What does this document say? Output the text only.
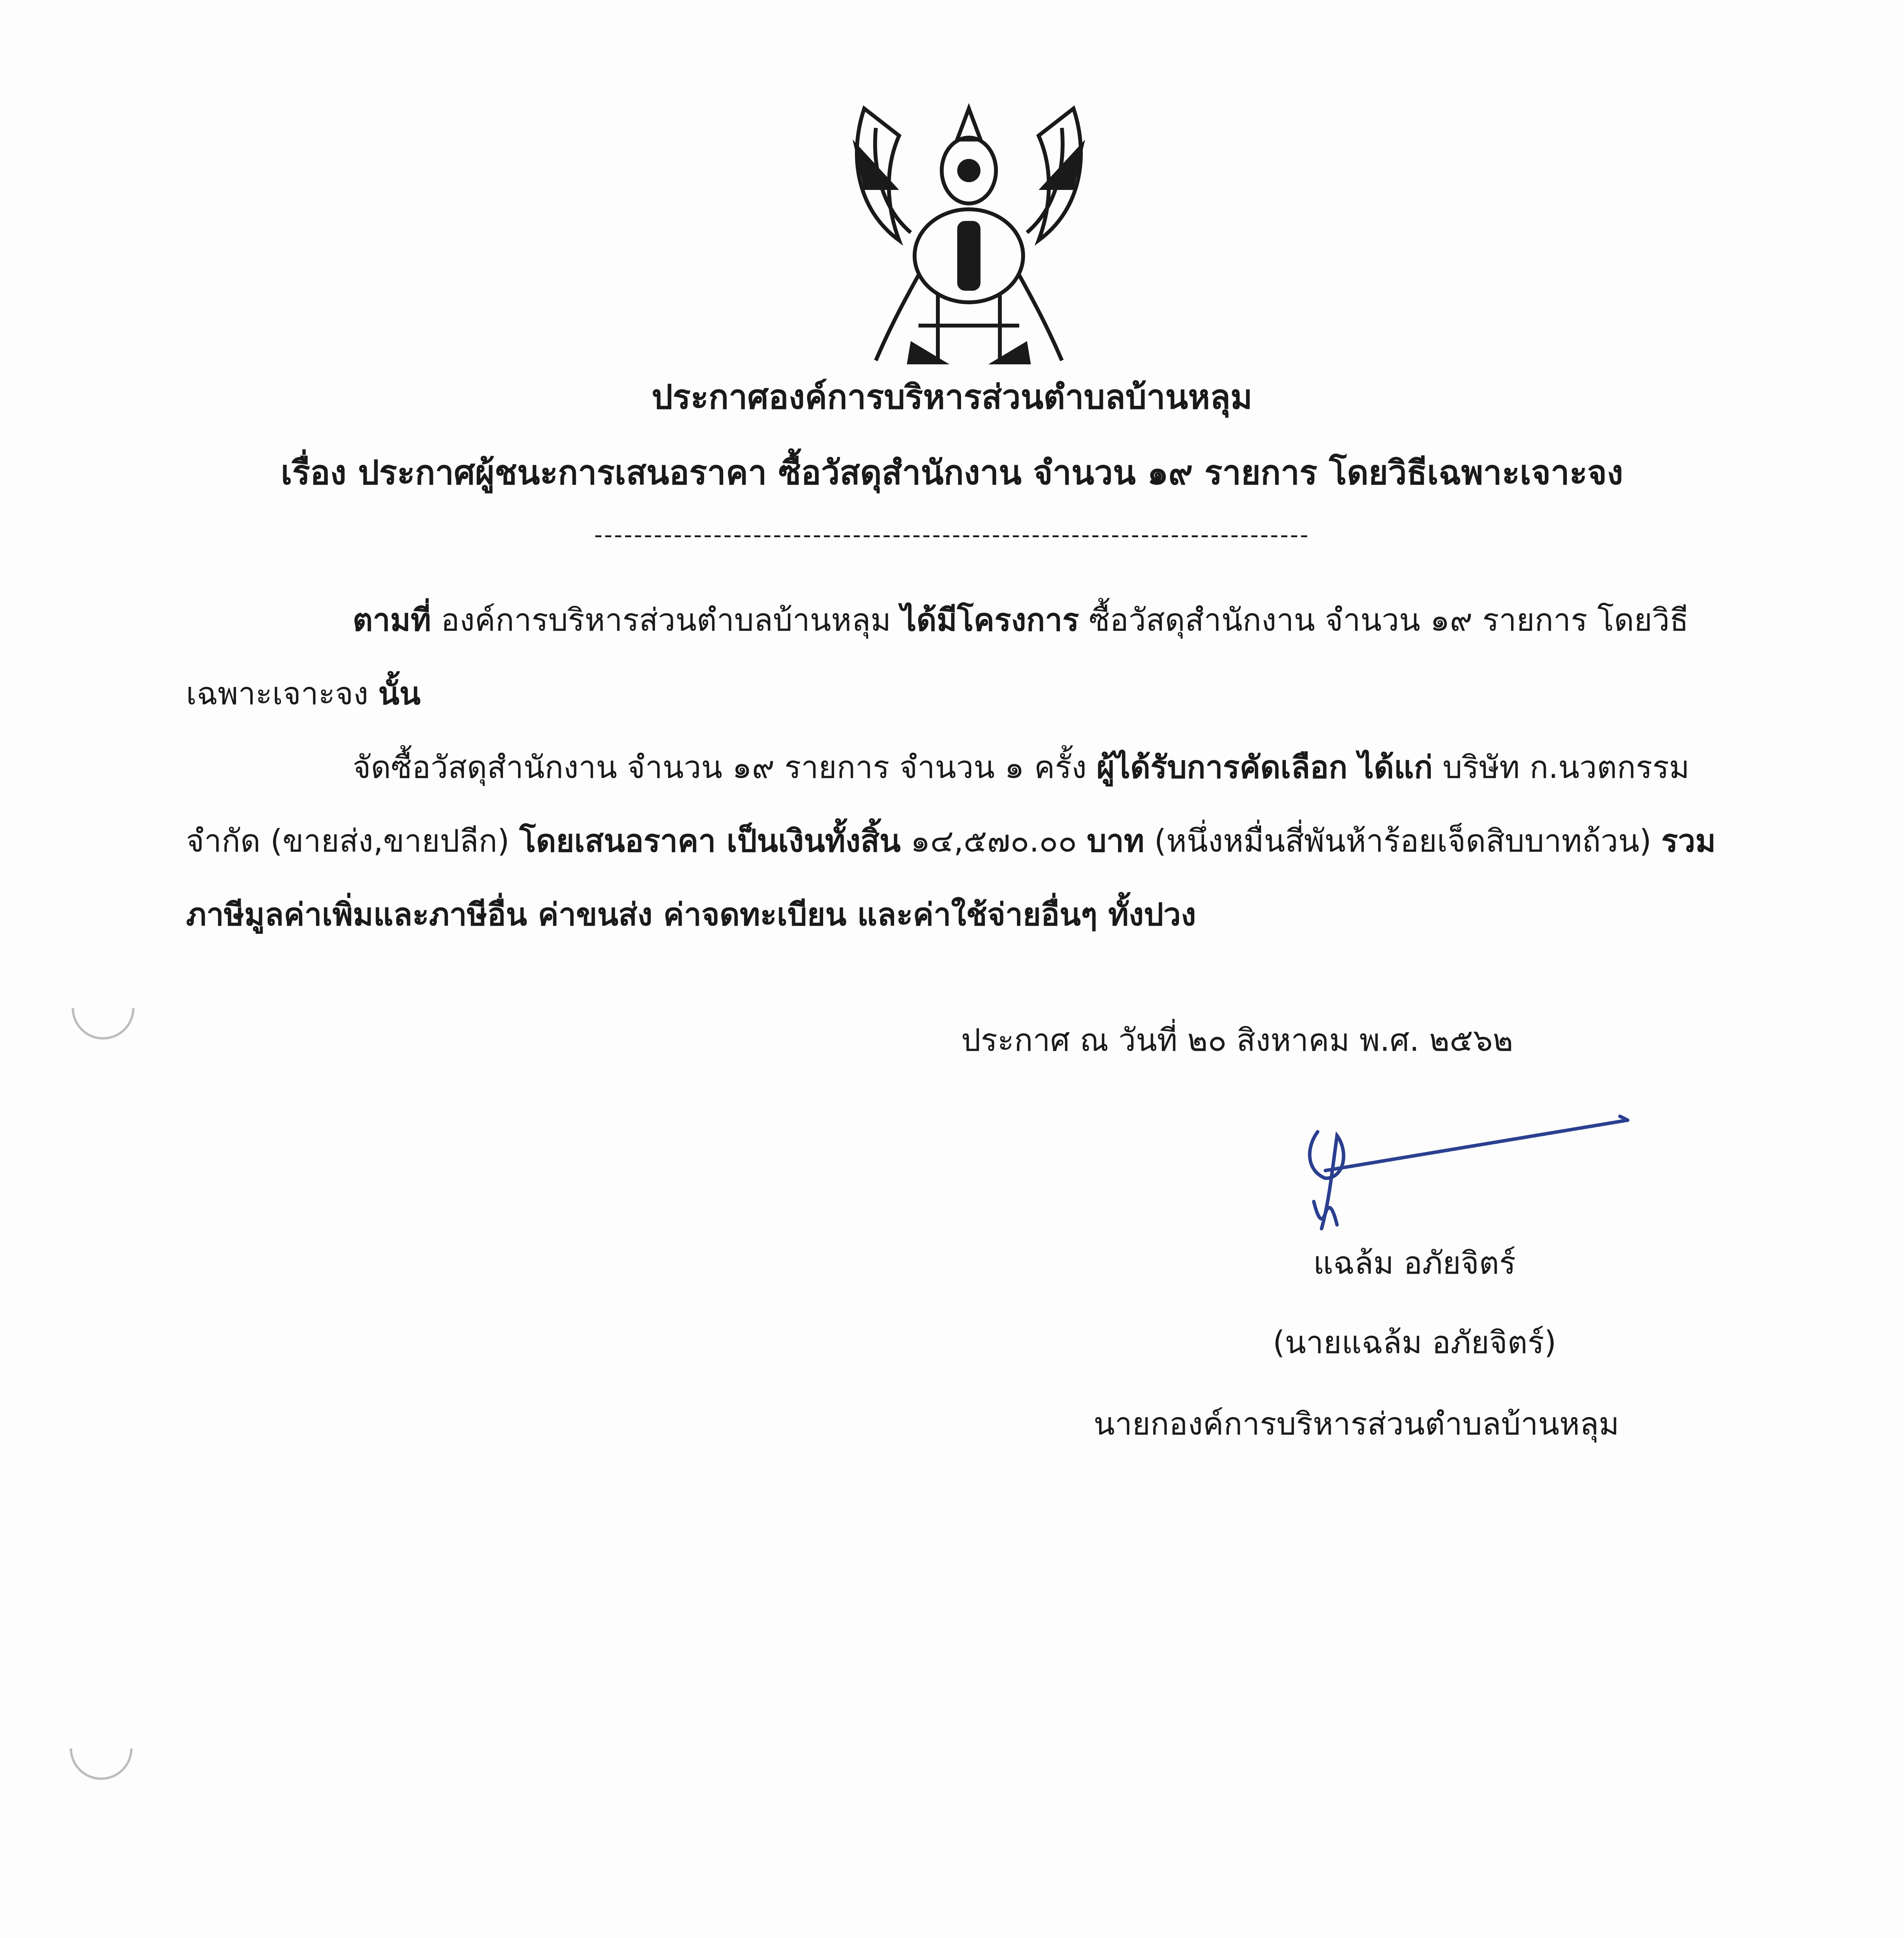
ประกาศองค์การบริหารส่วนตำบลบ้านหลุม
เรื่อง ประกาศผู้ชนะการเสนอราคา ซื้อวัสดุสำนักงาน จำนวน ๑๙ รายการ โดยวิธีเฉพาะเจาะจง
------------------------------------------------------------------------
ตามที่ องค์การบริหารส่วนตำบลบ้านหลุม ได้มีโครงการ ซื้อวัสดุสำนักงาน จำนวน ๑๙ รายการ โดยวิธีเฉพาะเจาะจง นั้น
จัดซื้อวัสดุสำนักงาน จำนวน ๑๙ รายการ จำนวน ๑ ครั้ง ผู้ได้รับการคัดเลือก ได้แก่ บริษัท ก.นวตกรรม จำกัด (ขายส่ง,ขายปลีก) โดยเสนอราคา เป็นเงินทั้งสิ้น ๑๔,๕๗๐.๐๐ บาท (หนึ่งหมื่นสี่พันห้าร้อยเจ็ดสิบบาทถ้วน) รวมภาษีมูลค่าเพิ่มและภาษีอื่น ค่าขนส่ง ค่าจดทะเบียน และค่าใช้จ่ายอื่นๆ ทั้งปวง
ประกาศ ณ วันที่ ๒๐ สิงหาคม พ.ศ. ๒๕๖๒
แฉล้ม อภัยจิตร์
(นายแฉล้ม อภัยจิตร์)
นายกองค์การบริหารส่วนตำบลบ้านหลุม
